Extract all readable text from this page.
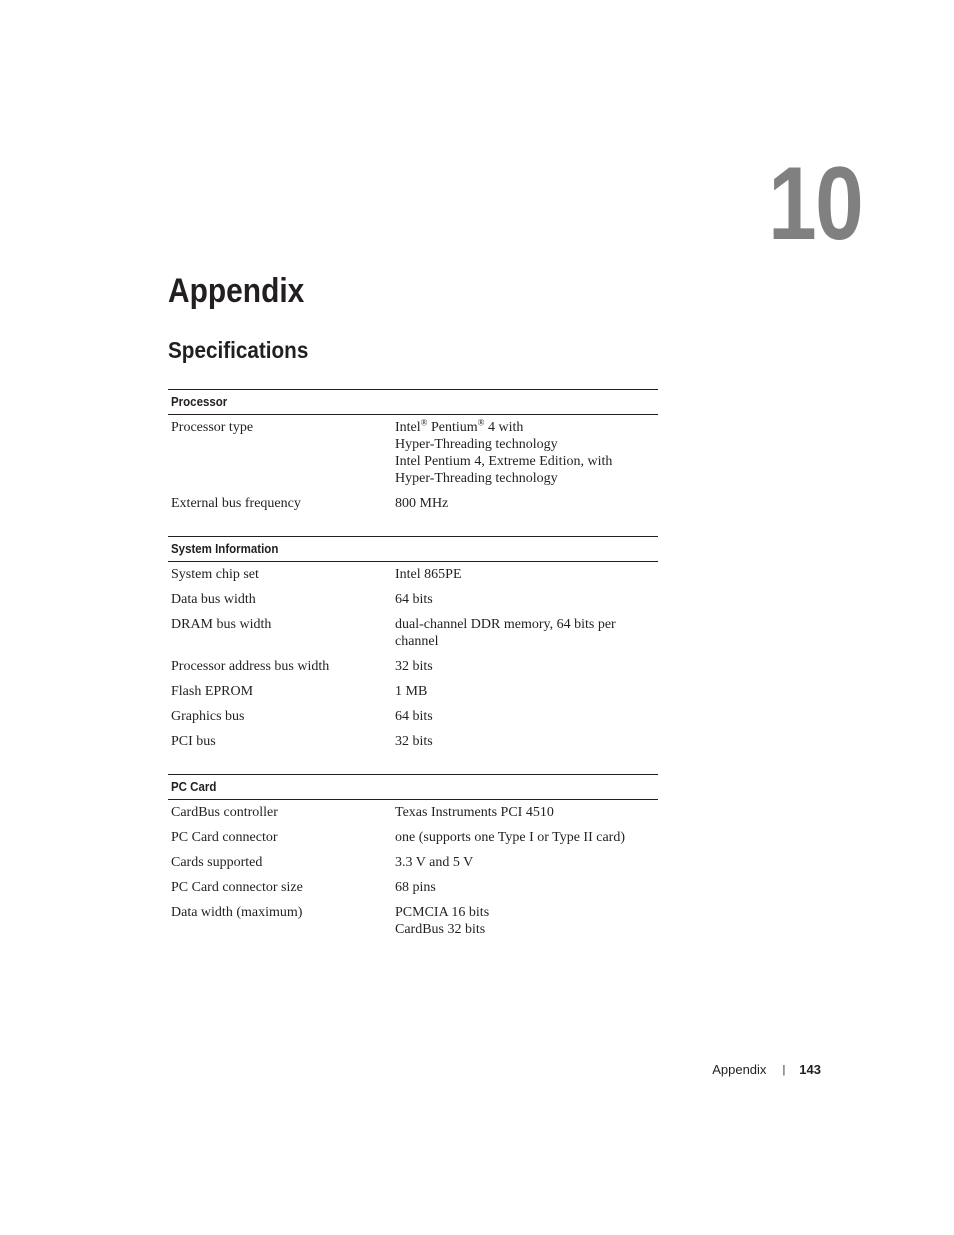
10
Appendix
Specifications
Processor
Processor type	Intel® Pentium® 4 with
Hyper-Threading technology
Intel Pentium 4, Extreme Edition, with
Hyper-Threading technology
External bus frequency	800 MHz
System Information
System chip set	Intel 865PE
Data bus width	64 bits
DRAM bus width	dual-channel DDR memory, 64 bits per
channel
Processor address bus width	32 bits
Flash EPROM	1 MB
Graphics bus	64 bits
PCI bus	32 bits
PC Card
CardBus controller	Texas Instruments PCI 4510
PC Card connector	one (supports one Type I or Type II card)
Cards supported	3.3 V and 5 V
PC Card connector size	68 pins
Data width (maximum)	PCMCIA 16 bits
CardBus 32 bits
Appendix | 143
